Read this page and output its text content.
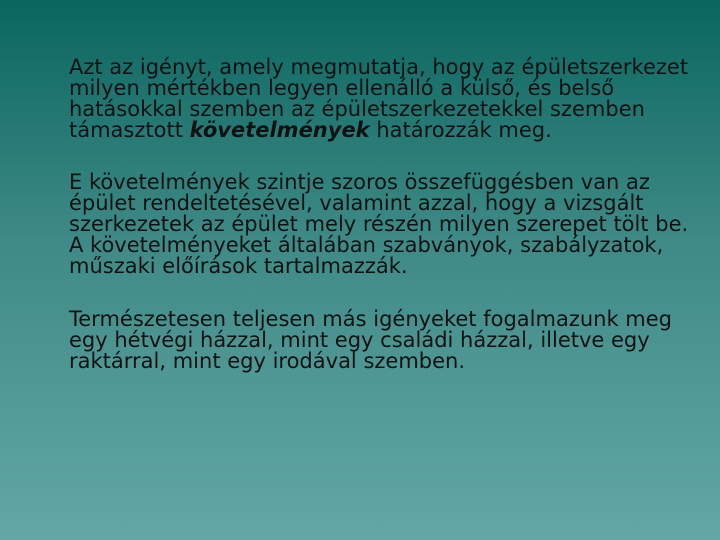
Azt az igényt, amely megmutatja, hogy az épületszerkezet milyen mértékben legyen ellenálló a külső, és belső hatásokkal szemben az épületszerkezetekkel szemben támasztott követelmények határozzák meg.

E követelmények szintje szoros összefüggésben van az épület rendeltetésével, valamint azzal, hogy a vizsgált szerkezetek az épület mely részén milyen szerepet tölt be.

A követelményeket általában szabványok, szabályzatok, műszaki előírások tartalmazzák.

Természetesen teljesen más igényeket fogalmazunk meg egy hétvégi házzal, mint egy családi házzal, illetve egy raktárral, mint egy irodával szemben.
